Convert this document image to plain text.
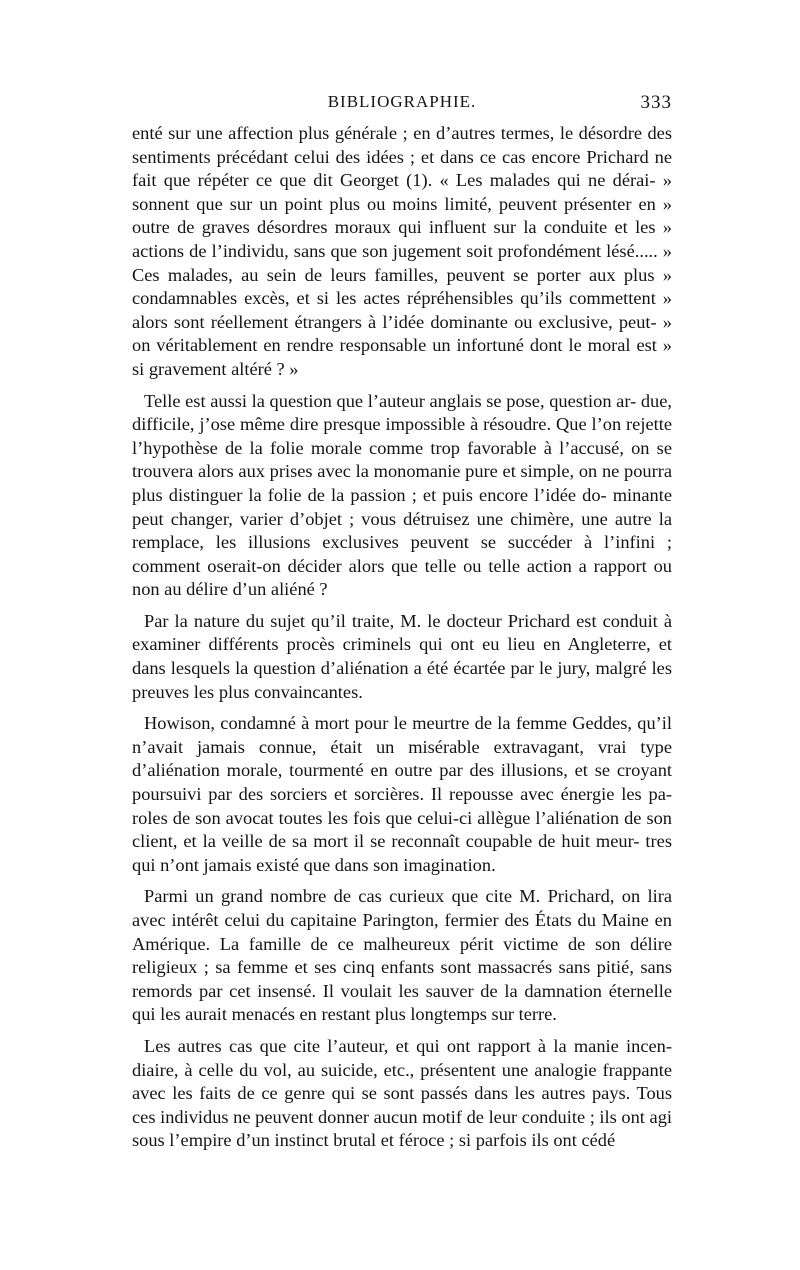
BIBLIOGRAPHIE.	333

enté sur une affection plus générale ; en d’autres termes, le désordre des sentiments précédant celui des idées ; et dans ce cas encore Prichard ne fait que répéter ce que dit Georget (1). « Les malades qui ne dérai- » sonnent que sur un point plus ou moins limité, peuvent présenter en » outre de graves désordres moraux qui influent sur la conduite et les » actions de l’individu, sans que son jugement soit profondément lésé..... » Ces malades, au sein de leurs familles, peuvent se porter aux plus » condamnables excès, et si les actes répréhensibles qu’ils commettent » alors sont réellement étrangers à l’idée dominante ou exclusive, peut- » on véritablement en rendre responsable un infortuné dont le moral est » si gravement altéré ? »

Telle est aussi la question que l’auteur anglais se pose, question ar- due, difficile, j’ose même dire presque impossible à résoudre. Que l’on rejette l’hypothèse de la folie morale comme trop favorable à l’accusé, on se trouvera alors aux prises avec la monomanie pure et simple, on ne pourra plus distinguer la folie de la passion ; et puis encore l’idée do- minante peut changer, varier d’objet ; vous détruisez une chimère, une autre la remplace, les illusions exclusives peuvent se succéder à l’infini ; comment oserait-on décider alors que telle ou telle action a rapport ou non au délire d’un aliéné ?

Par la nature du sujet qu’il traite, M. le docteur Prichard est conduit à examiner différents procès criminels qui ont eu lieu en Angleterre, et dans lesquels la question d’aliénation a été écartée par le jury, malgré les preuves les plus convaincantes.

Howison, condamné à mort pour le meurtre de la femme Geddes, qu’il n’avait jamais connue, était un misérable extravagant, vrai type d’aliénation morale, tourmenté en outre par des illusions, et se croyant poursuivi par des sorciers et sorcières. Il repousse avec énergie les pa- roles de son avocat toutes les fois que celui-ci allègue l’aliénation de son client, et la veille de sa mort il se reconnaît coupable de huit meur- tres qui n’ont jamais existé que dans son imagination.

Parmi un grand nombre de cas curieux que cite M. Prichard, on lira avec intérêt celui du capitaine Parington, fermier des États du Maine en Amérique. La famille de ce malheureux périt victime de son délire religieux ; sa femme et ses cinq enfants sont massacrés sans pitié, sans remords par cet insensé. Il voulait les sauver de la damnation éternelle qui les aurait menacés en restant plus longtemps sur terre.

Les autres cas que cite l’auteur, et qui ont rapport à la manie incen- diaire, à celle du vol, au suicide, etc., présentent une analogie frappante avec les faits de ce genre qui se sont passés dans les autres pays. Tous ces individus ne peuvent donner aucun motif de leur conduite ; ils ont agi sous l’empire d’un instinct brutal et féroce ; si parfois ils ont cédé
